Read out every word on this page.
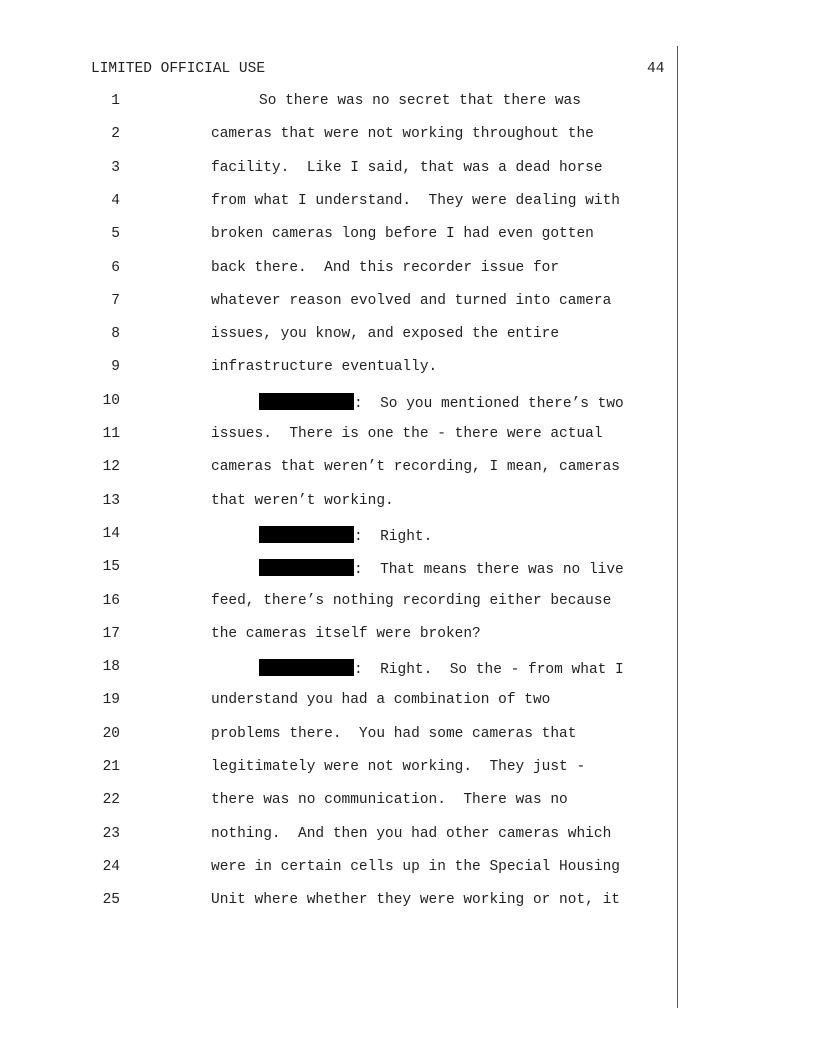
LIMITED OFFICIAL USE	44
1	So there was no secret that there was
2	cameras that were not working throughout the
3	facility.  Like I said, that was a dead horse
4	from what I understand.  They were dealing with
5	broken cameras long before I had even gotten
6	back there.  And this recorder issue for
7	whatever reason evolved and turned into camera
8	issues, you know, and exposed the entire
9	infrastructure eventually.
10	:  So you mentioned there’s two
11	issues.  There is one the - there were actual
12	cameras that weren’t recording, I mean, cameras
13	that weren’t working.
14	:  Right.
15	:  That means there was no live
16	feed, there’s nothing recording either because
17	the cameras itself were broken?
18	:  Right.  So the - from what I
19	understand you had a combination of two
20	problems there.  You had some cameras that
21	legitimately were not working.  They just -
22	there was no communication.  There was no
23	nothing.  And then you had other cameras which
24	were in certain cells up in the Special Housing
25	Unit where whether they were working or not, it
